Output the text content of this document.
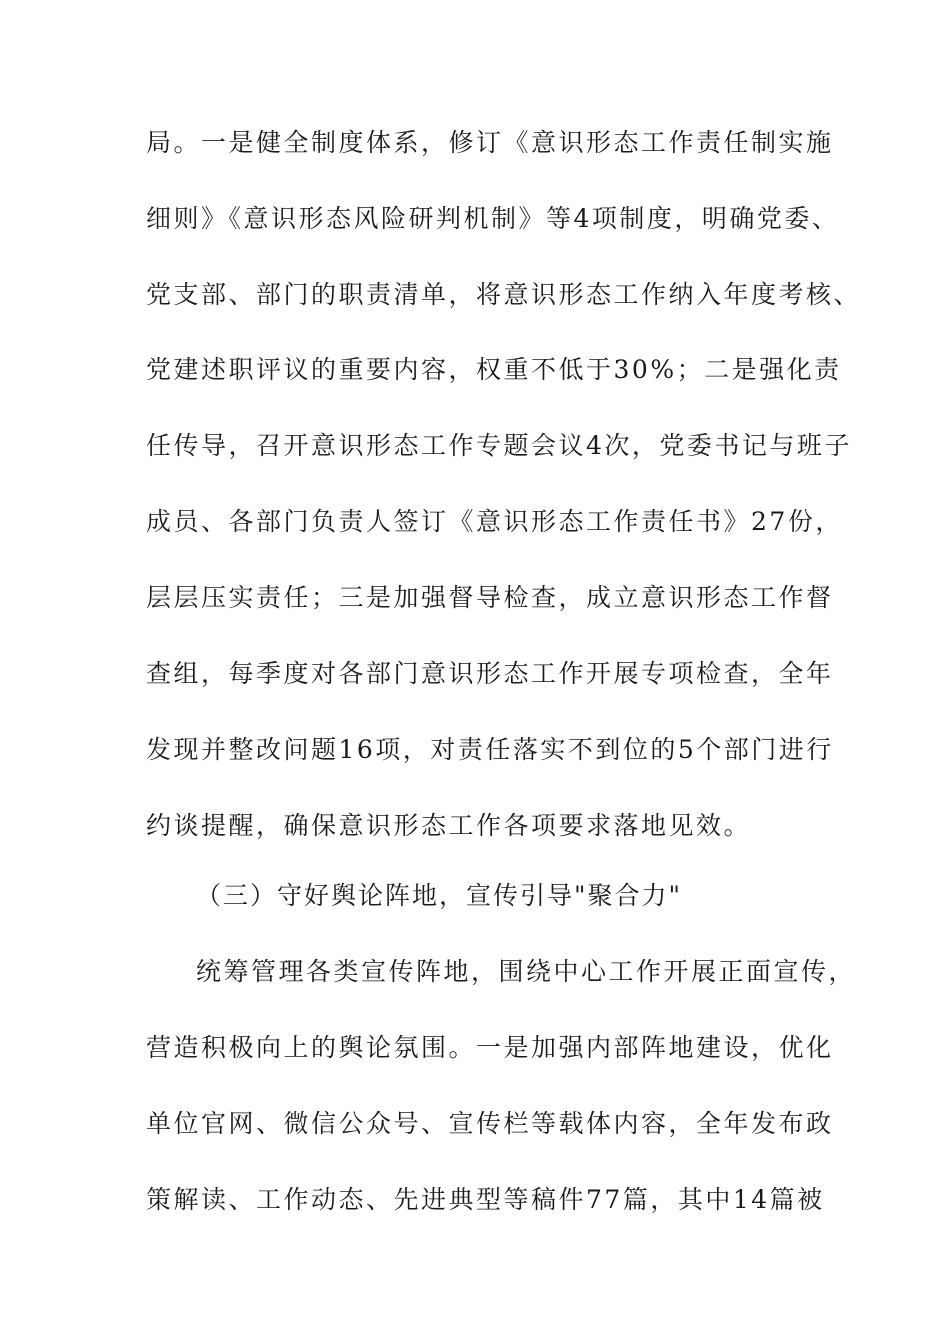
局。一是健全制度体系，修订《意识形态工作责任制实施
细则》《意识形态风险研判机制》等4项制度，明确党委、
党支部、部门的职责清单，将意识形态工作纳入年度考核、
党建述职评议的重要内容，权重不低于30%；二是强化责
任传导，召开意识形态工作专题会议4次，党委书记与班子
成员、各部门负责人签订《意识形态工作责任书》27份，
层层压实责任；三是加强督导检查，成立意识形态工作督
查组，每季度对各部门意识形态工作开展专项检查，全年
发现并整改问题16项，对责任落实不到位的5个部门进行
约谈提醒，确保意识形态工作各项要求落地见效。
（三）守好舆论阵地，宣传引导"聚合力"
统筹管理各类宣传阵地，围绕中心工作开展正面宣传，
营造积极向上的舆论氛围。一是加强内部阵地建设，优化
单位官网、微信公众号、宣传栏等载体内容，全年发布政
策解读、工作动态、先进典型等稿件77篇，其中14篇被
